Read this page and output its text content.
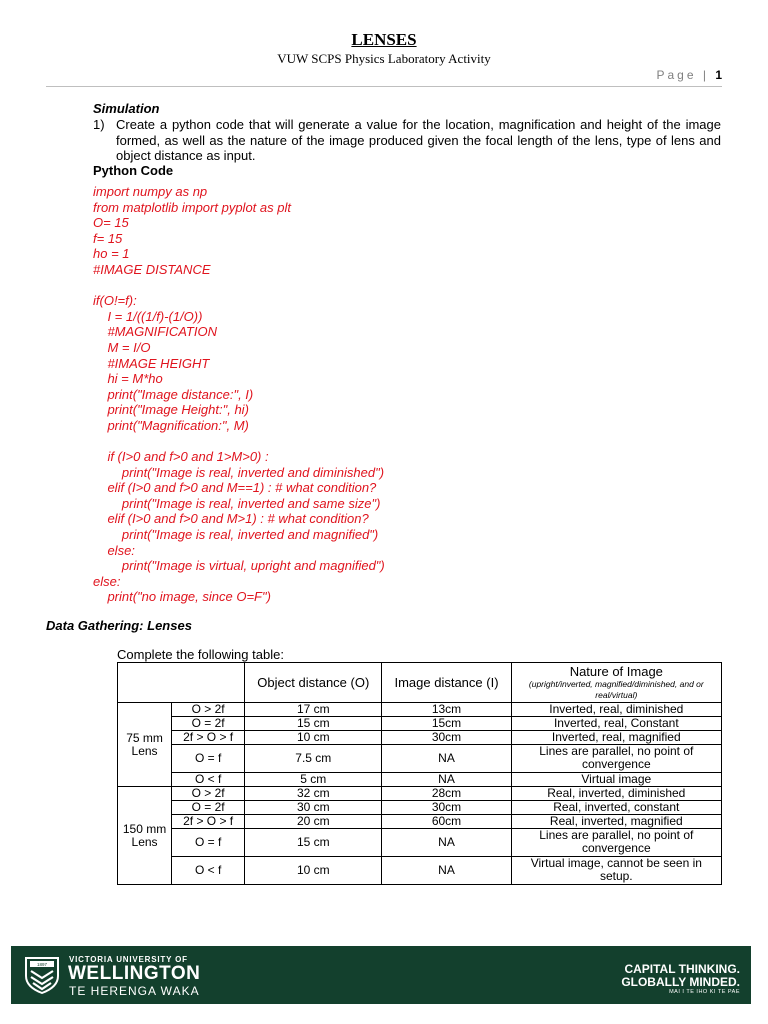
LENSES
VUW SCPS Physics Laboratory Activity
Page | 1
Simulation
1) Create a python code that will generate a value for the location, magnification and height of the image formed, as well as the nature of the image produced given the focal length of the lens, type of lens and object distance as input.
Python Code
import numpy as np
from matplotlib import pyplot as plt
O= 15
f= 15
ho = 1
#IMAGE DISTANCE

if(O!=f):
I = 1/((1/f)-(1/O))
#MAGNIFICATION
M = I/O
#IMAGE HEIGHT
hi = M*ho
print("Image distance:", I)
print("Image Height:", hi)
print("Magnification:", M)

if (I>0 and f>0 and 1>M>0) :
print("Image is real, inverted and diminished")
elif (I>0 and f>0 and M==1) : # what condition?
print("Image is real, inverted and same size")
elif (I>0 and f>0 and M>1) : # what condition?
print("Image is real, inverted and magnified")
else:
print("Image is virtual, upright and magnified")
else:
print("no image, since O=F")

Data Gathering: Lenses
Complete the following table:
		Object distance (O)	Image distance (I)	Nature of Image
(upright/inverted, magnified/diminished, and or real/virtual)

75 mm Lens	O > 2f	17 cm	13cm	Inverted, real, diminished
	O = 2f	15 cm	15cm	Inverted, real, Constant
	2f > O > f	10 cm	30cm	Inverted, real, magnified
	O = f	7.5 cm	NA	Lines are parallel, no point of convergence
	O < f	5 cm	NA	Virtual image
150 mm Lens	O > 2f	32 cm	28cm	Real, inverted, diminished
	O = 2f	30 cm	30cm	Real, inverted, constant
	2f > O > f	20 cm	60cm	Real, inverted, magnified
	O = f	15 cm	NA	Lines are parallel, no point of convergence
	O < f	10 cm	NA	Virtual image, cannot be seen in setup.
1897
VICTORIA UNIVERSITY OF
WELLINGTON
TE HERENGA WAKA
CAPITAL THINKING.
GLOBALLY MINDED.
MAI I TE IHO KI TE PAE
